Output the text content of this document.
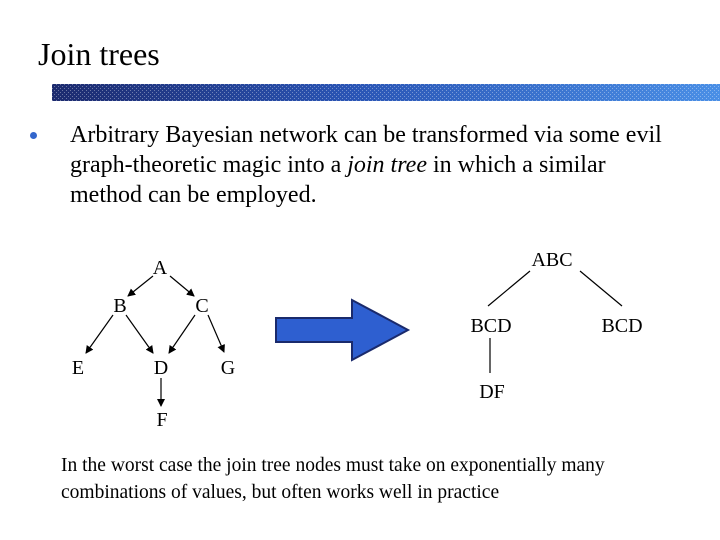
Join trees
Arbitrary Bayesian network can be transformed via some evil graph-theoretic magic into a join tree in which a similar method can be employed.
A
B	C
E	D	G
F
ABC
BCD	BCD
DF
In the worst case the join tree nodes must take on exponentially many combinations of values, but often works well in practice
